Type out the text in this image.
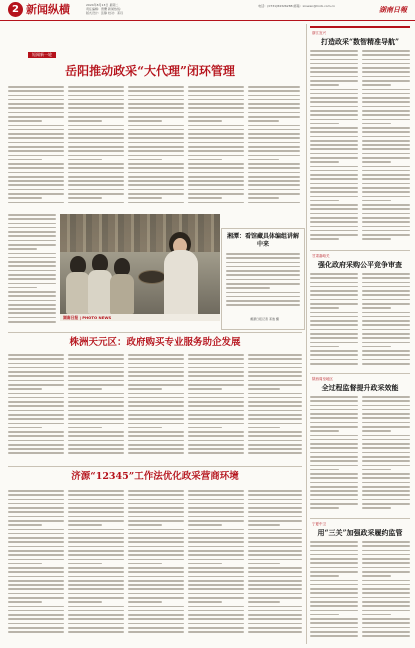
2 新闻纵横	2024年8月13日 星期二
责任编辑：曾鹰 新闻热线：
版式设计：张静 校对：邓丹
电话：(0731)84326288 邮箱：xinwen@hnrb.com.cn	湖南日報
短闻新一轮
岳阳推动政采“大代理”闭环管理
湖南日报 | PHOTO NEWS
湘潭：看馆藏具体编组讲解中来
湘潭日报记者 邓逸 摄
株洲天元区：政府购买专业服务助企发展
济源“12345”工作法优化政采营商环境
浙江宜兴
打造政采“数智精准导航”
甘肃嘉峪关
强化政府采购公平竞争审查
陕西周至地区
全过程监督提升政采效能
宁夏中卫
用“三关”加强政采履约监管
